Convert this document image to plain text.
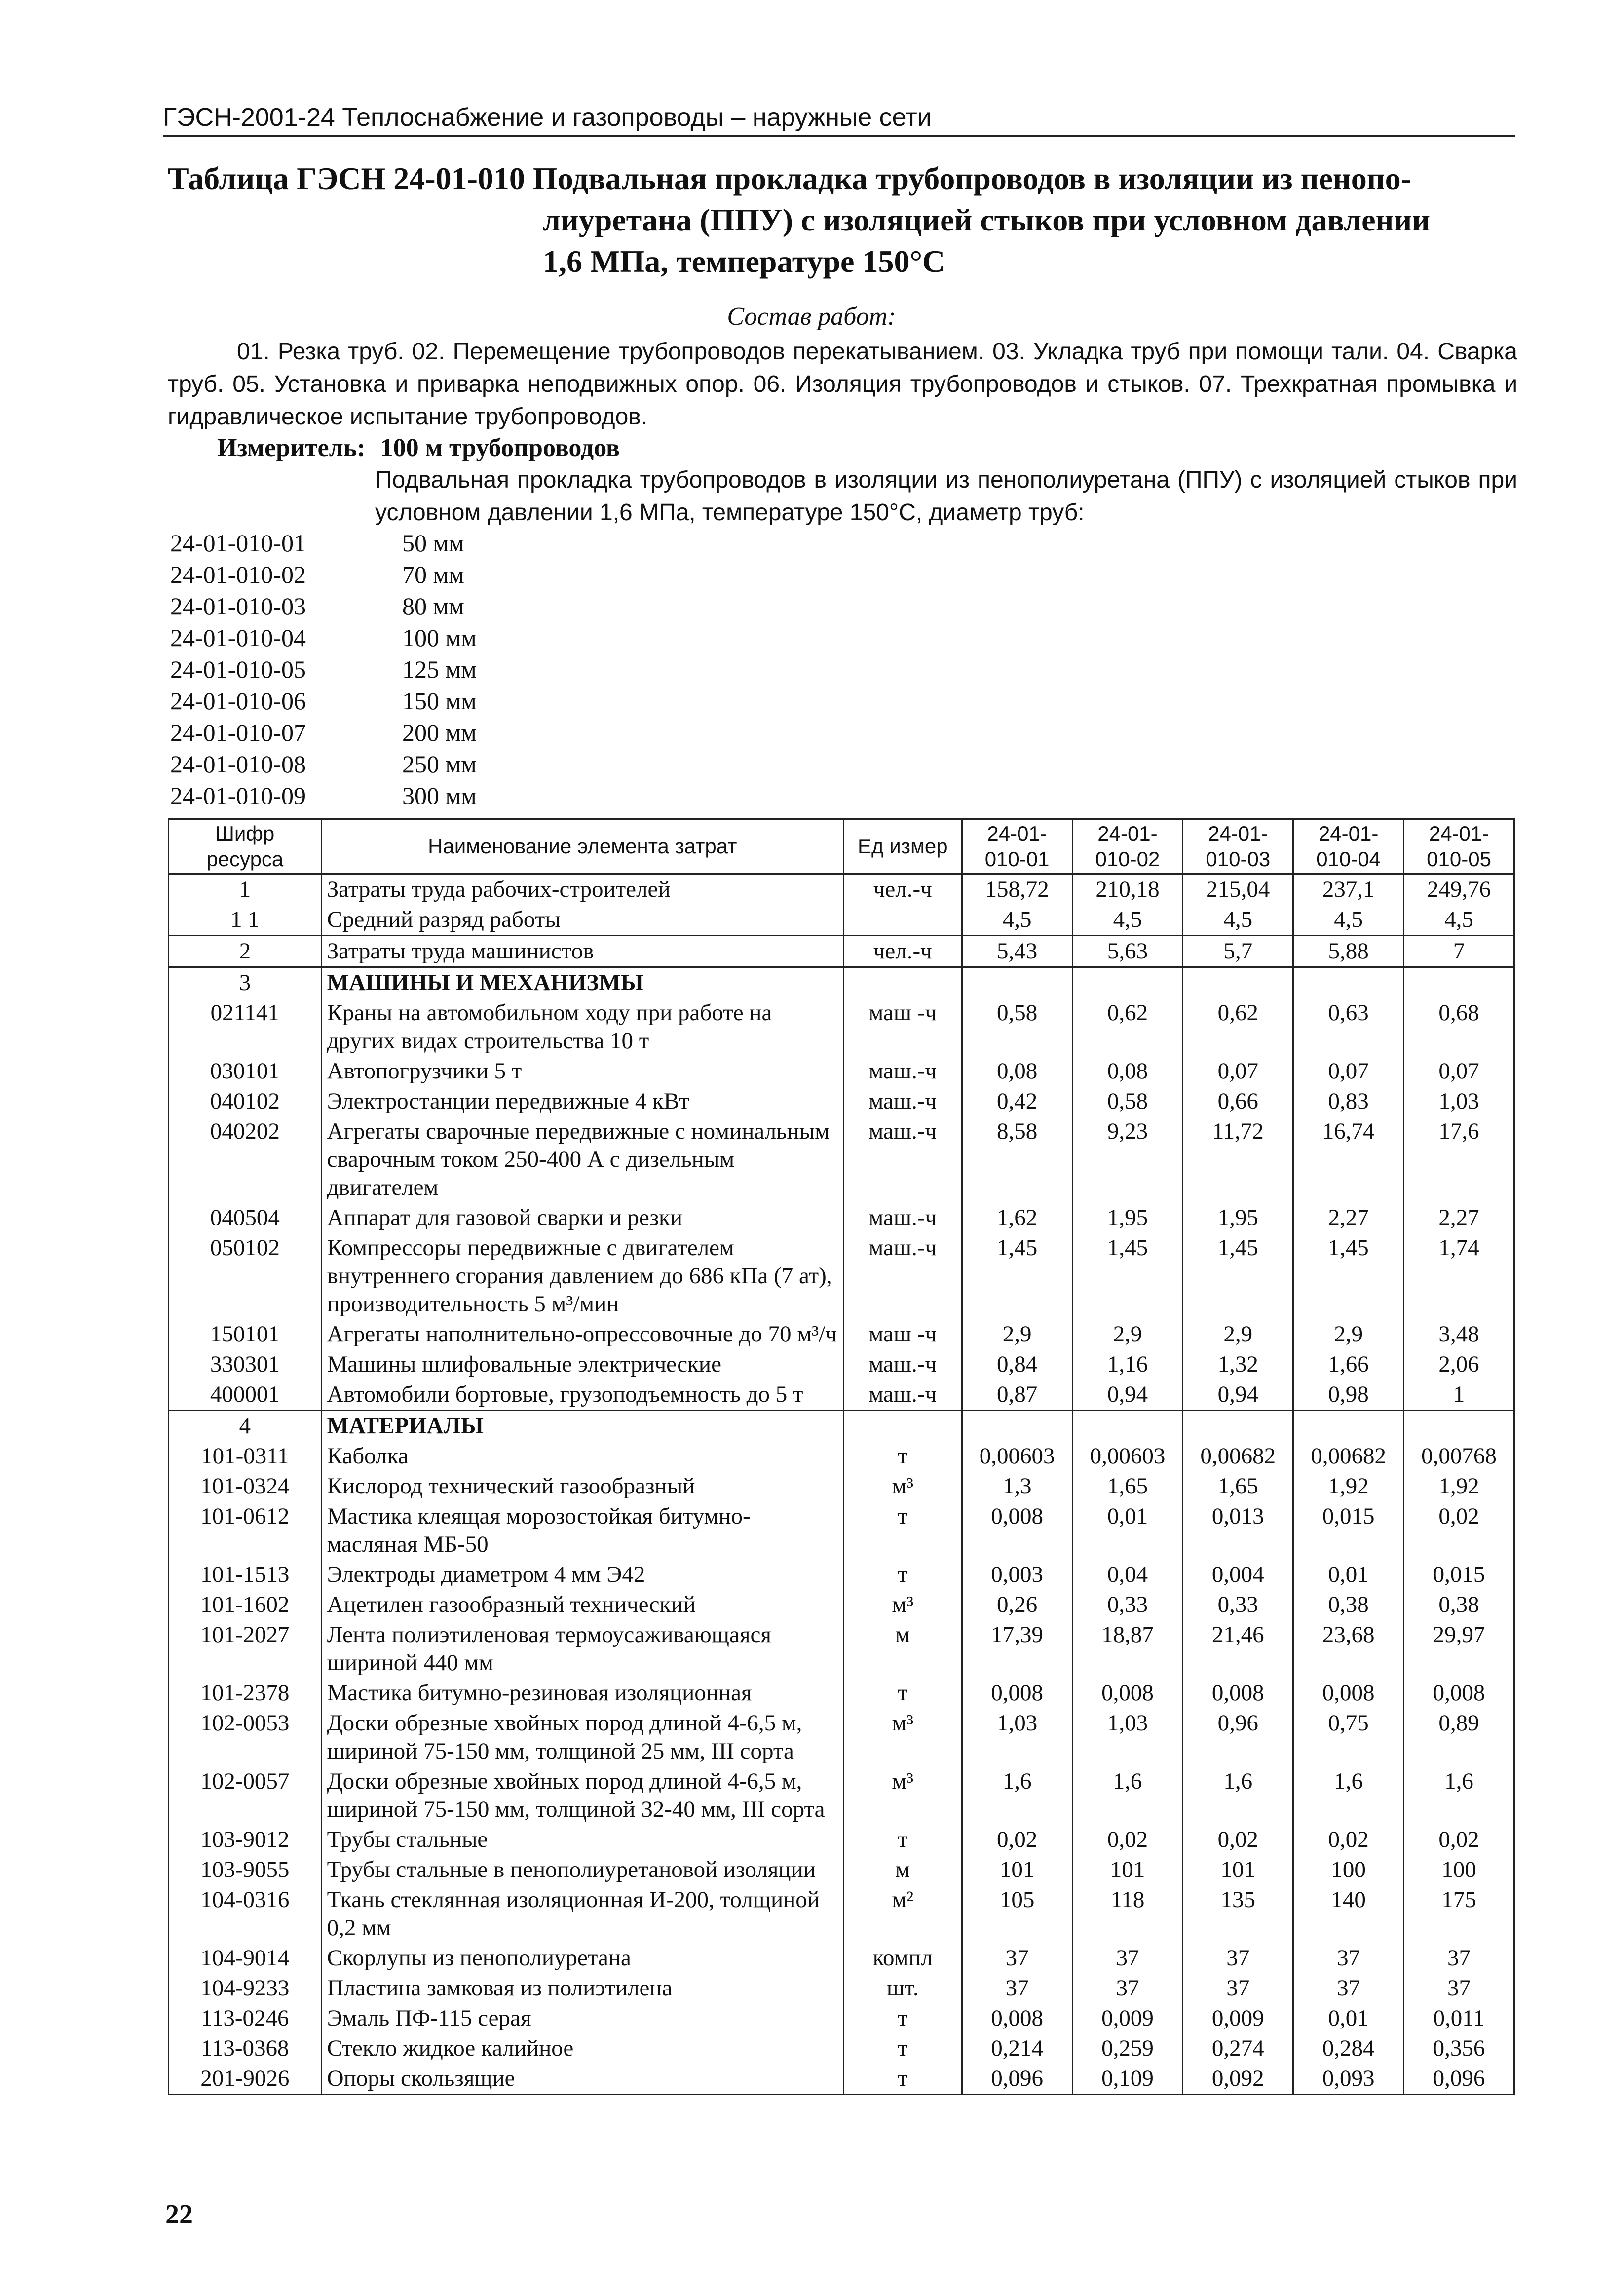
ГЭСН-2001-24 Теплоснабжение и газопроводы – наружные сети
Таблица ГЭСН 24-01-010 Подвальная прокладка трубопроводов в изоляции из пенопо-
лиуретана (ППУ) с изоляцией стыков при условном давлении
1,6 МПа, температуре 150°С
Состав работ:
01. Резка труб. 02. Перемещение трубопроводов перекатыванием. 03. Укладка труб при помощи тали. 04. Сварка труб. 05. Установка и приварка неподвижных опор. 06. Изоляция трубопроводов и стыков. 07. Трехкратная промывка и гидравлическое испытание трубопроводов.
Измеритель: 100 м трубопроводов
Подвальная прокладка трубопроводов в изоляции из пенополиуретана (ППУ) с изоляцией стыков при условном давлении 1,6 МПа, температуре 150°С, диаметр труб:
24-01-010-01	50 мм
24-01-010-02	70 мм
24-01-010-03	80 мм
24-01-010-04	100 мм
24-01-010-05	125 мм
24-01-010-06	150 мм
24-01-010-07	200 мм
24-01-010-08	250 мм
24-01-010-09	300 мм
Шифр ресурса	Наименование элемента затрат	Ед измер	24-01-010-01	24-01-010-02	24-01-010-03	24-01-010-04	24-01-010-05
1	Затраты труда рабочих-строителей	чел.-ч	158,72	210,18	215,04	237,1	249,76
1 1	Средний разряд работы		4,5	4,5	4,5	4,5	4,5
2	Затраты труда машинистов	чел.-ч	5,43	5,63	5,7	5,88	7
3	МАШИНЫ И МЕХАНИЗМЫ						
021141	Краны на автомобильном ходу при работе на других видах строительства 10 т	маш -ч	0,58	0,62	0,62	0,63	0,68
030101	Автопогрузчики 5 т	маш.-ч	0,08	0,08	0,07	0,07	0,07
040102	Электростанции передвижные 4 кВт	маш.-ч	0,42	0,58	0,66	0,83	1,03
040202	Агрегаты сварочные передвижные с номинальным сварочным током 250-400 А с дизельным двигателем	маш.-ч	8,58	9,23	11,72	16,74	17,6
040504	Аппарат для газовой сварки и резки	маш.-ч	1,62	1,95	1,95	2,27	2,27
050102	Компрессоры передвижные с двигателем внутреннего сгорания давлением до 686 кПа (7 ат), производительность 5 м³/мин	маш.-ч	1,45	1,45	1,45	1,45	1,74
150101	Агрегаты наполнительно-опрессовочные до 70 м³/ч	маш -ч	2,9	2,9	2,9	2,9	3,48
330301	Машины шлифовальные электрические	маш.-ч	0,84	1,16	1,32	1,66	2,06
400001	Автомобили бортовые, грузоподъемность до 5 т	маш.-ч	0,87	0,94	0,94	0,98	1
4	МАТЕРИАЛЫ						
101-0311	Каболка	т	0,00603	0,00603	0,00682	0,00682	0,00768
101-0324	Кислород технический газообразный	м³	1,3	1,65	1,65	1,92	1,92
101-0612	Мастика клеящая морозостойкая битумно-масляная МБ-50	т	0,008	0,01	0,013	0,015	0,02
101-1513	Электроды диаметром 4 мм Э42	т	0,003	0,04	0,004	0,01	0,015
101-1602	Ацетилен газообразный технический	м³	0,26	0,33	0,33	0,38	0,38
101-2027	Лента полиэтиленовая термоусаживающаяся шириной 440 мм	м	17,39	18,87	21,46	23,68	29,97
101-2378	Мастика битумно-резиновая изоляционная	т	0,008	0,008	0,008	0,008	0,008
102-0053	Доски обрезные хвойных пород длиной 4-6,5 м, шириной 75-150 мм, толщиной 25 мм, III сорта	м³	1,03	1,03	0,96	0,75	0,89
102-0057	Доски обрезные хвойных пород длиной 4-6,5 м, шириной 75-150 мм, толщиной 32-40 мм, III сорта	м³	1,6	1,6	1,6	1,6	1,6
103-9012	Трубы стальные	т	0,02	0,02	0,02	0,02	0,02
103-9055	Трубы стальные в пенополиуретановой изоляции	м	101	101	101	100	100
104-0316	Ткань стеклянная изоляционная И-200, толщиной 0,2 мм	м²	105	118	135	140	175
104-9014	Скорлупы из пенополиуретана	компл	37	37	37	37	37
104-9233	Пластина замковая из полиэтилена	шт.	37	37	37	37	37
113-0246	Эмаль ПФ-115 серая	т	0,008	0,009	0,009	0,01	0,011
113-0368	Стекло жидкое калийное	т	0,214	0,259	0,274	0,284	0,356
201-9026	Опоры скользящие	т	0,096	0,109	0,092	0,093	0,096
22
